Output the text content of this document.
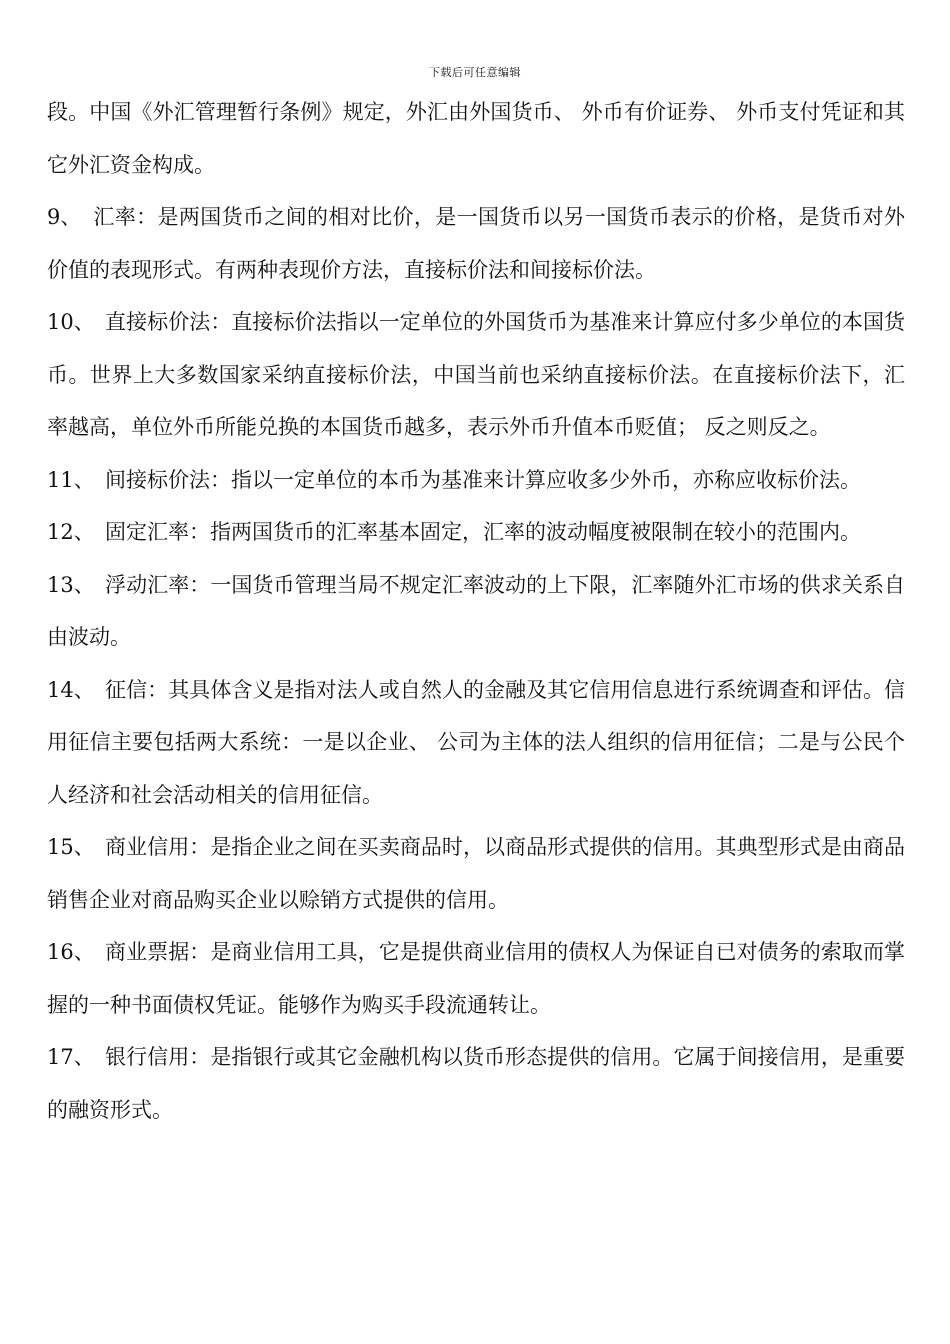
下载后可任意编辑

段。中国《外汇管理暂行条例》规定，外汇由外国货币、 外币有价证券、 外币支付凭证和其它外汇资金构成。

9、 汇率：是两国货币之间的相对比价，是一国货币以另一国货币表示的价格，是货币对外价值的表现形式。有两种表现价方法，直接标价法和间接标价法。

10、 直接标价法：直接标价法指以一定单位的外国货币为基准来计算应付多少单位的本国货币。世界上大多数国家采纳直接标价法，中国当前也采纳直接标价法。在直接标价法下，汇率越高，单位外币所能兑换的本国货币越多，表示外币升值本币贬值； 反之则反之。

11、 间接标价法：指以一定单位的本币为基准来计算应收多少外币，亦称应收标价法。

12、 固定汇率：指两国货币的汇率基本固定，汇率的波动幅度被限制在较小的范围内。

13、 浮动汇率：一国货币管理当局不规定汇率波动的上下限，汇率随外汇市场的供求关系自由波动。

14、 征信：其具体含义是指对法人或自然人的金融及其它信用信息进行系统调查和评估。信用征信主要包括两大系统：一是以企业、 公司为主体的法人组织的信用征信；二是与公民个人经济和社会活动相关的信用征信。

15、 商业信用：是指企业之间在买卖商品时，以商品形式提供的信用。其典型形式是由商品销售企业对商品购买企业以赊销方式提供的信用。

16、 商业票据：是商业信用工具，它是提供商业信用的债权人为保证自已对债务的索取而掌握的一种书面债权凭证。能够作为购买手段流通转让。

17、 银行信用：是指银行或其它金融机构以货币形态提供的信用。它属于间接信用，是重要的融资形式。
